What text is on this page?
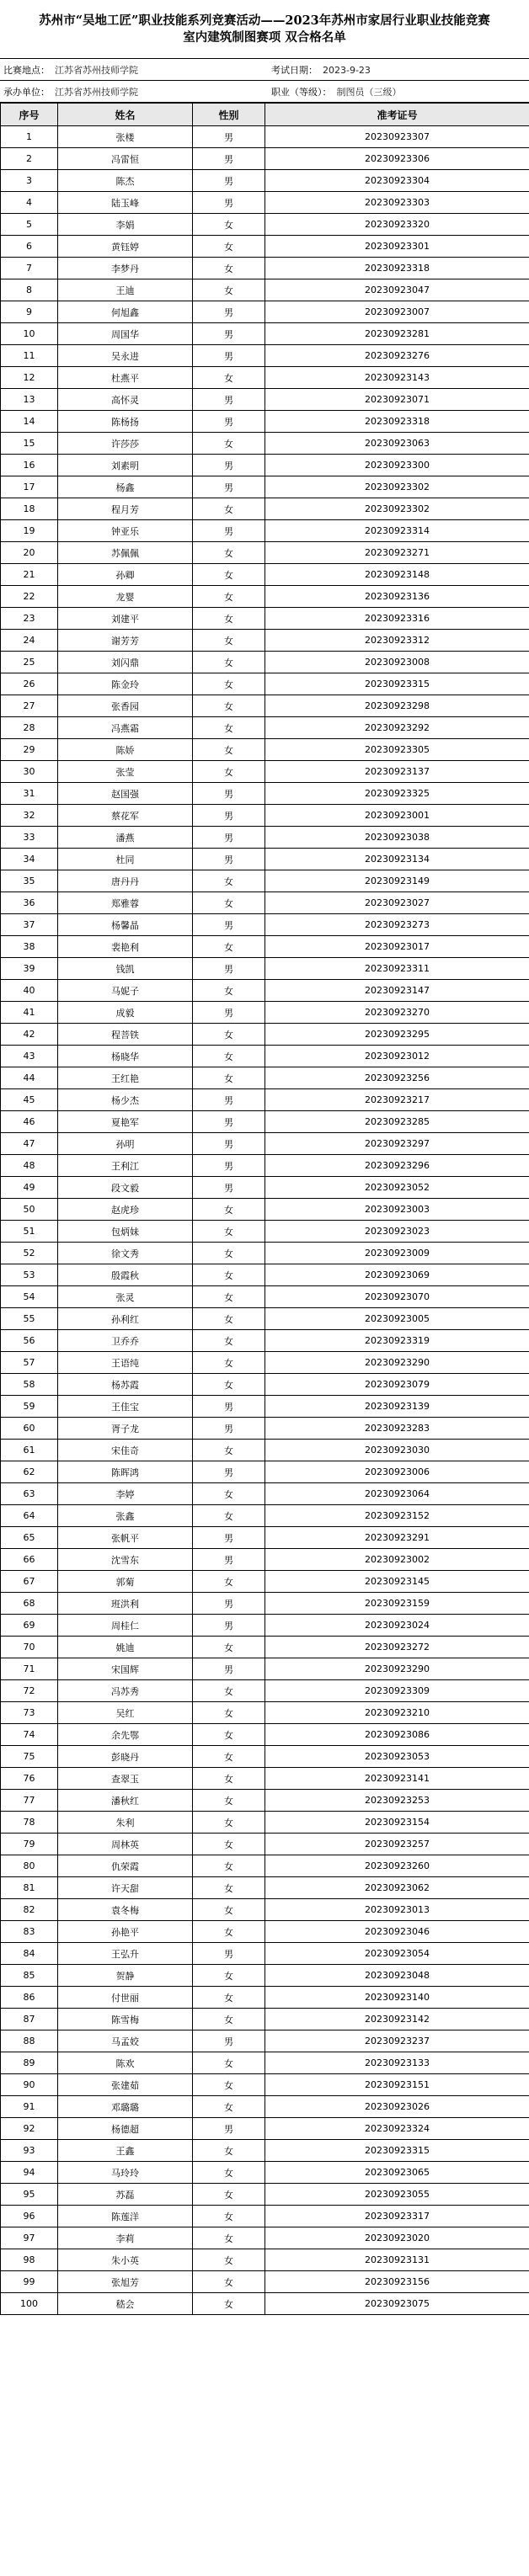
苏州市“吴地工匠”职业技能系列竞赛活动——2023年苏州市家居行业职业技能竞赛
室内建筑制图赛项 双合格名单
比赛地点： 江苏省苏州技师学院	考试日期： 2023-9-23
承办单位： 江苏省苏州技师学院	职业（等级）： 制图员（三级）
序号	姓名	性别	准考证号
1	张楼	男	20230923307
2	冯雷恒	男	20230923306
3	陈杰	男	20230923304
4	陆玉峰	男	20230923303
5	李娟	女	20230923320
6	黄钰婷	女	20230923301
7	李梦丹	女	20230923318
8	王迪	女	20230923047
9	何旭鑫	男	20230923007
10	周国华	男	20230923281
11	吴永进	男	20230923276
12	杜燕平	女	20230923143
13	高怀灵	男	20230923071
14	陈杨扬	男	20230923318
15	许莎莎	女	20230923063
16	刘素明	男	20230923300
17	杨鑫	男	20230923302
18	程月芳	女	20230923302
19	钟亚乐	男	20230923314
20	苏佩佩	女	20230923271
21	孙卿	女	20230923148
22	龙婴	女	20230923136
23	刘建平	女	20230923316
24	谢芳芳	女	20230923312
25	刘闪鼎	女	20230923008
26	陈金玲	女	20230923315
27	张香园	女	20230923298
28	冯燕霜	女	20230923292
29	陈娇	女	20230923305
30	张莹	女	20230923137
31	赵国强	男	20230923325
32	蔡花军	男	20230923001
33	潘燕	男	20230923038
34	杜同	男	20230923134
35	唐丹丹	女	20230923149
36	郑雅蓉	女	20230923027
37	杨馨晶	男	20230923273
38	裴艳利	女	20230923017
39	钱凯	男	20230923311
40	马妮子	女	20230923147
41	成毅	男	20230923270
42	程菩铁	女	20230923295
43	杨晓华	女	20230923012
44	王红艳	女	20230923256
45	杨少杰	男	20230923217
46	夏艳军	男	20230923285
47	孙明	男	20230923297
48	王利江	男	20230923296
49	段文毅	男	20230923052
50	赵虎珍	女	20230923003
51	包炳妹	女	20230923023
52	徐文秀	女	20230923009
53	殷霞秋	女	20230923069
54	张灵	女	20230923070
55	孙利红	女	20230923005
56	卫乔乔	女	20230923319
57	王语纯	女	20230923290
58	杨苏霞	女	20230923079
59	王佳宝	男	20230923139
60	胥子龙	男	20230923283
61	宋佳奇	女	20230923030
62	陈晖鸿	男	20230923006
63	李婷	女	20230923064
64	张鑫	女	20230923152
65	张帆平	男	20230923291
66	沈雪东	男	20230923002
67	郭菊	女	20230923145
68	班洪利	男	20230923159
69	周桂仁	男	20230923024
70	姚迪	女	20230923272
71	宋国辉	男	20230923290
72	冯苏秀	女	20230923309
73	吴红	女	20230923210
74	余先鄂	女	20230923086
75	彭晓丹	女	20230923053
76	查翠玉	女	20230923141
77	潘秋红	女	20230923253
78	朱利	女	20230923154
79	周林英	女	20230923257
80	仇荣霞	女	20230923260
81	许天甜	女	20230923062
82	袁冬梅	女	20230923013
83	孙艳平	女	20230923046
84	王弘升	男	20230923054
85	贺静	女	20230923048
86	付世丽	女	20230923140
87	陈雪梅	女	20230923142
88	马孟姣	男	20230923237
89	陈欢	女	20230923133
90	张建茹	女	20230923151
91	邓璐璐	女	20230923026
92	杨德超	男	20230923324
93	王鑫	女	20230923315
94	马玲玲	女	20230923065
95	苏磊	女	20230923055
96	陈莲洋	女	20230923317
97	李莉	女	20230923020
98	朱小英	女	20230923131
99	张旭芳	女	20230923156
100	嵇会	女	20230923075
